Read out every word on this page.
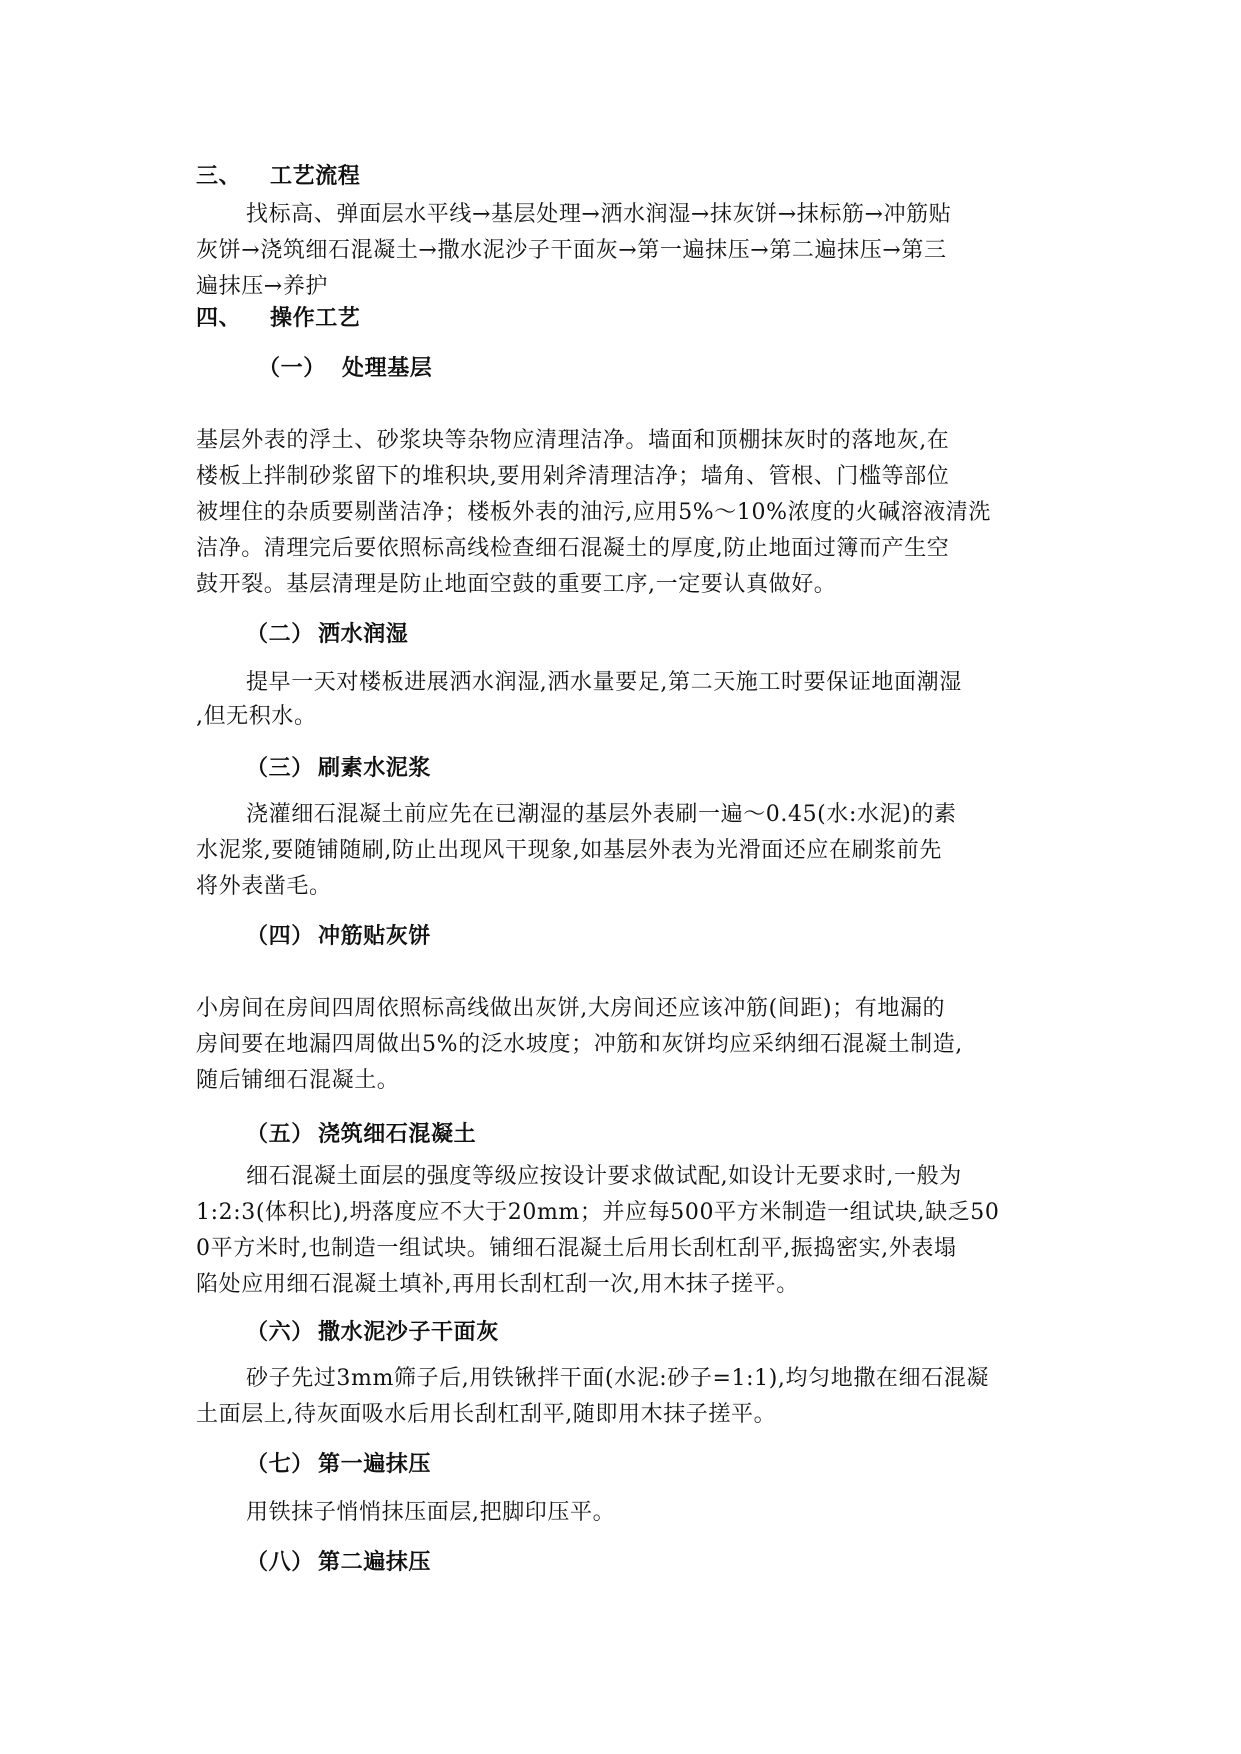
三、 工艺流程
找标高、弹面层水平线→基层处理→洒水润湿→抹灰饼→抹标筋→冲筋贴
灰饼→浇筑细石混凝土→撒水泥沙子干面灰→第一遍抹压→第二遍抹压→第三
遍抹压→养护
四、 操作工艺
（一） 处理基层
基层外表的浮土、砂浆块等杂物应清理洁净。墙面和顶棚抹灰时的落地灰,在
楼板上拌制砂浆留下的堆积块,要用剁斧清理洁净；墙角、管根、门槛等部位
被埋住的杂质要剔凿洁净；楼板外表的油污,应用5%～10%浓度的火碱溶液清洗
洁净。清理完后要依照标高线检查细石混凝土的厚度,防止地面过簿而产生空
鼓开裂。基层清理是防止地面空鼓的重要工序,一定要认真做好。
（二） 洒水润湿
提早一天对楼板进展洒水润湿,洒水量要足,第二天施工时要保证地面潮湿
,但无积水。
（三） 刷素水泥浆
浇灌细石混凝土前应先在已潮湿的基层外表刷一遍～0.45(水:水泥)的素
水泥浆,要随铺随刷,防止出现风干现象,如基层外表为光滑面还应在刷浆前先
将外表凿毛。
（四） 冲筋贴灰饼
小房间在房间四周依照标高线做出灰饼,大房间还应该冲筋(间距)；有地漏的
房间要在地漏四周做出5%的泛水坡度；冲筋和灰饼均应采纳细石混凝土制造,
随后铺细石混凝土。
（五） 浇筑细石混凝土
细石混凝土面层的强度等级应按设计要求做试配,如设计无要求时,一般为
1:2:3(体积比),坍落度应不大于20mm；并应每500平方米制造一组试块,缺乏50
0平方米时,也制造一组试块。铺细石混凝土后用长刮杠刮平,振捣密实,外表塌
陷处应用细石混凝土填补,再用长刮杠刮一次,用木抹子搓平。
（六） 撒水泥沙子干面灰
砂子先过3mm筛子后,用铁锹拌干面(水泥:砂子=1:1),均匀地撒在细石混凝
土面层上,待灰面吸水后用长刮杠刮平,随即用木抹子搓平。
（七） 第一遍抹压
用铁抹子悄悄抹压面层,把脚印压平。
（八） 第二遍抹压
